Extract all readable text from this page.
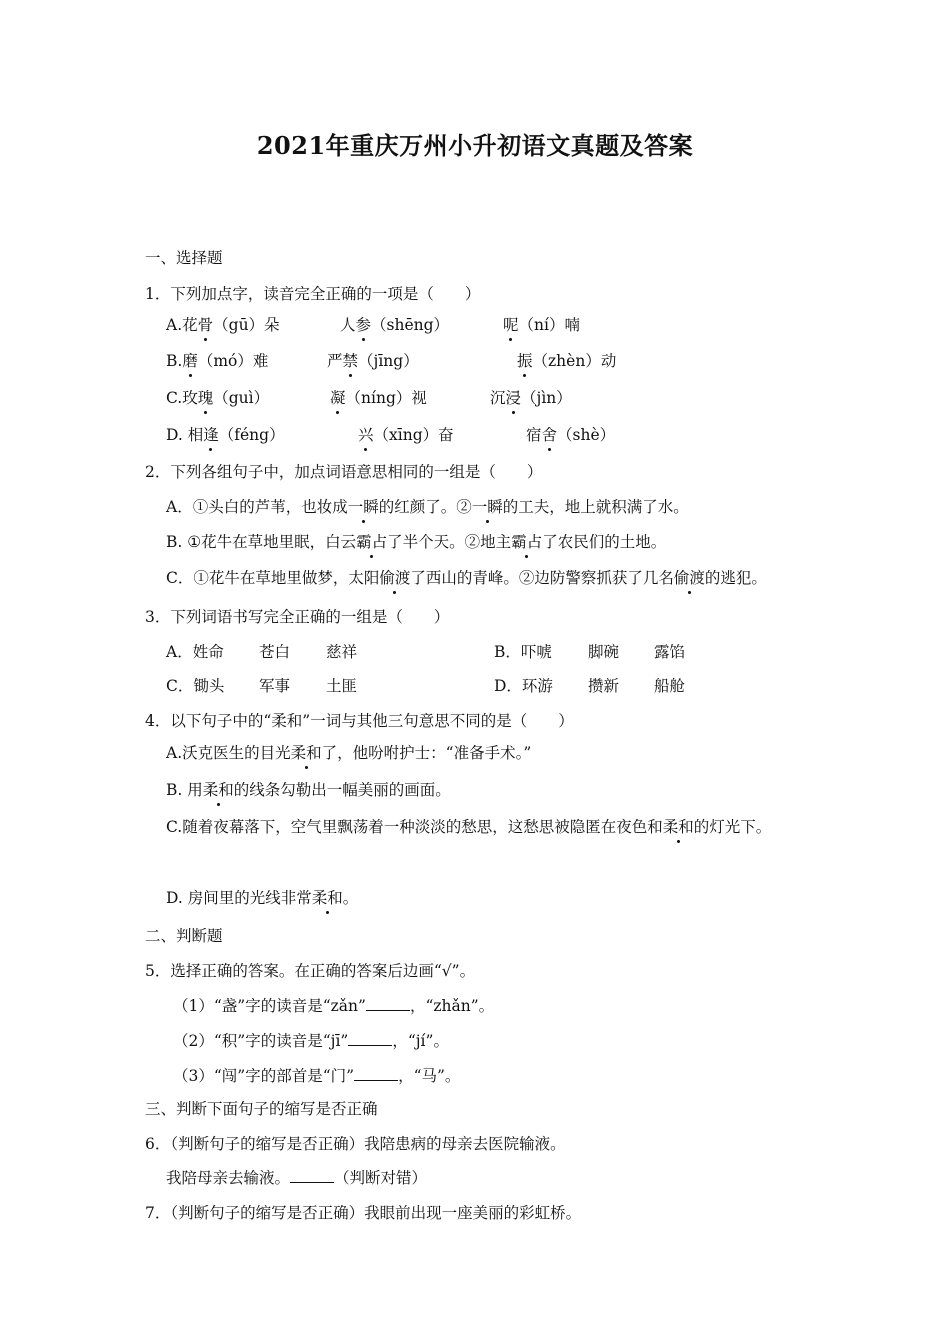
2021年重庆万州小升初语文真题及答案
一、选择题
1．下列加点字，读音完全正确的一项是（　　）
A.花骨（gū）朵	人参（shēng）	呢（ní）喃
B.磨（mó）难	严禁（jīng）	振（zhèn）动
C.玫瑰（guì）	凝（níng）视	沉浸（jìn）
D. 相逢（féng）	兴（xīng）奋	宿舍（shè）
2．下列各组句子中，加点词语意思相同的一组是（　　）
A．①头白的芦苇，也妆成一瞬的红颜了。②一瞬的工夫，地上就积满了水。
B. ①花牛在草地里眠，白云霸占了半个天。②地主霸占了农民们的土地。
C．①花牛在草地里做梦，太阳偷渡了西山的青峰。②边防警察抓获了几名偷渡的逃犯。
3．下列词语书写完全正确的一组是（　　）
A．姓命 苍白 慈祥	B．吓唬 脚碗 露馅
C．锄头 军事 土匪	D．环游 攒新 船舱
4．以下句子中的“柔和”一词与其他三句意思不同的是（　　）
A.沃克医生的目光柔和了，他吩咐护士：“准备手术。”
B. 用柔和的线条勾勒出一幅美丽的画面。
C.随着夜幕落下，空气里飘荡着一种淡淡的愁思，这愁思被隐匿在夜色和柔和的灯光下。
D. 房间里的光线非常柔和。
二、判断题
5．选择正确的答案。在正确的答案后边画“√”。
（1）“盏”字的读音是“zǎn”	，“zhǎn”。
（2）“积”字的读音是“jī”	，“jí”。
（3）“闯”字的部首是“门”	，“马”。
三、判断下面句子的缩写是否正确
6．（判断句子的缩写是否正确）我陪患病的母亲去医院输液。
我陪母亲去输液。	（判断对错）
7．（判断句子的缩写是否正确）我眼前出现一座美丽的彩虹桥。
